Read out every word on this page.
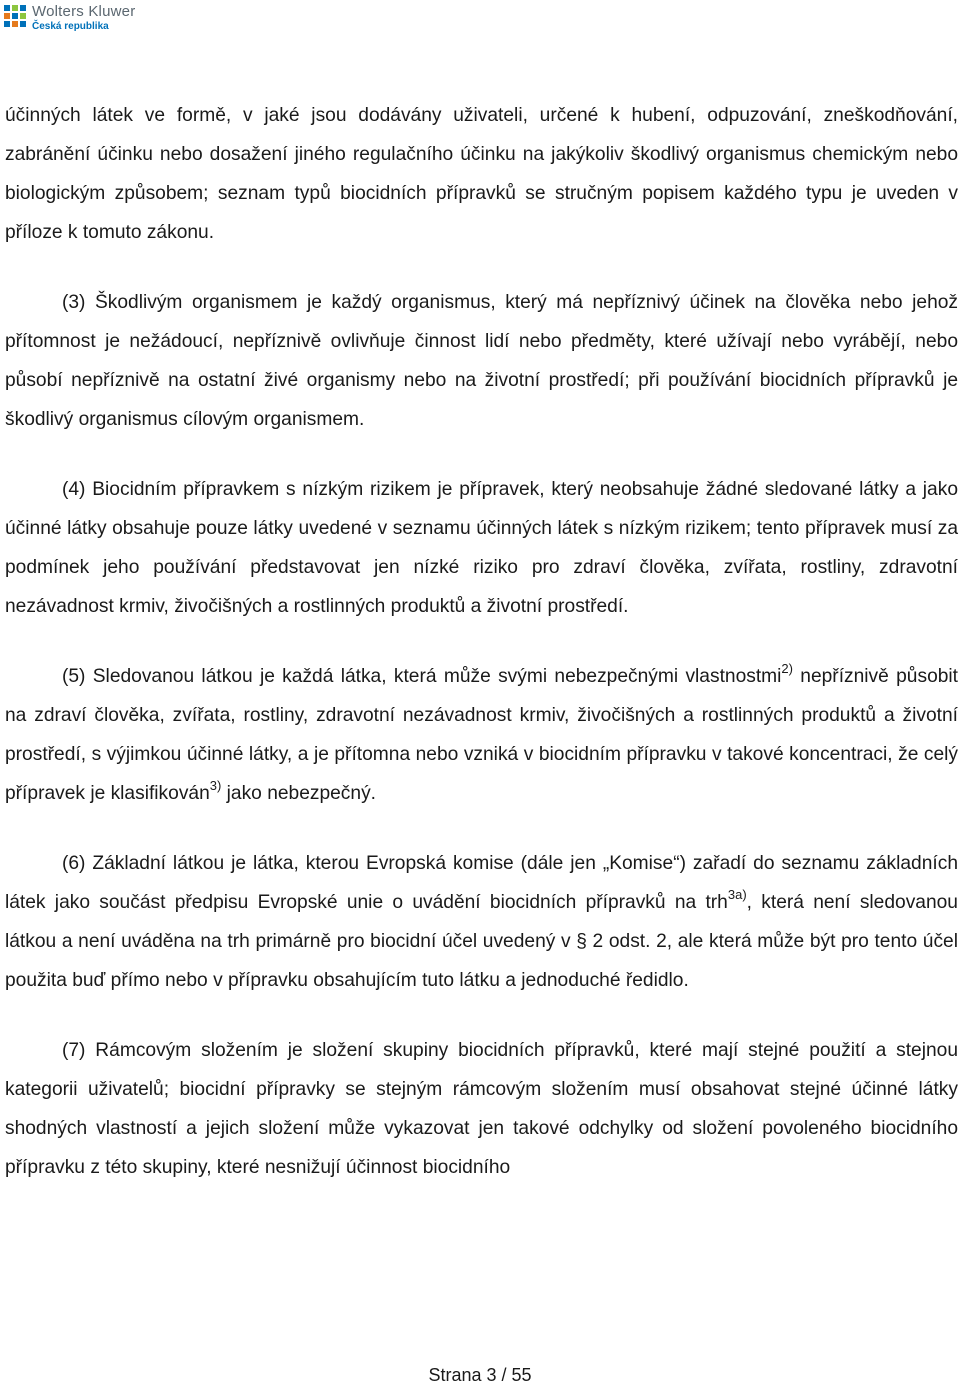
Wolters Kluwer
Česká republika

účinných látek ve formě, v jaké jsou dodávány uživateli, určené k hubení, odpuzování, zneškodňování, zabránění účinku nebo dosažení jiného regulačního účinku na jakýkoliv škodlivý organismus chemickým nebo biologickým způsobem; seznam typů biocidních přípravků se stručným popisem každého typu je uveden v příloze k tomuto zákonu.

(3) Škodlivým organismem je každý organismus, který má nepříznivý účinek na člověka nebo jehož přítomnost je nežádoucí, nepříznivě ovlivňuje činnost lidí nebo předměty, které užívají nebo vyrábějí, nebo působí nepříznivě na ostatní živé organismy nebo na životní prostředí; při používání biocidních přípravků je škodlivý organismus cílovým organismem.

(4) Biocidním přípravkem s nízkým rizikem je přípravek, který neobsahuje žádné sledované látky a jako účinné látky obsahuje pouze látky uvedené v seznamu účinných látek s nízkým rizikem; tento přípravek musí za podmínek jeho používání představovat jen nízké riziko pro zdraví člověka, zvířata, rostliny, zdravotní nezávadnost krmiv, živočišných a rostlinných produktů a životní prostředí.

(5) Sledovanou látkou je každá látka, která může svými nebezpečnými vlastnostmi$^{2)}$ nepříznivě působit na zdraví člověka, zvířata, rostliny, zdravotní nezávadnost krmiv, živočišných a rostlinných produktů a životní prostředí, s výjimkou účinné látky, a je přítomna nebo vzniká v biocidním přípravku v takové koncentraci, že celý přípravek je klasifikován$^{3)}$ jako nebezpečný.

(6) Základní látkou je látka, kterou Evropská komise (dále jen „Komise“) zařadí do seznamu základních látek jako součást předpisu Evropské unie o uvádění biocidních přípravků na trh$^{3a)}$, která není sledovanou látkou a není uváděna na trh primárně pro biocidní účel uvedený v § 2 odst. 2, ale která může být pro tento účel použita buď přímo nebo v přípravku obsahujícím tuto látku a jednoduché ředidlo.

(7) Rámcovým složením je složení skupiny biocidních přípravků, které mají stejné použití a stejnou kategorii uživatelů; biocidní přípravky se stejným rámcovým složením musí obsahovat stejné účinné látky shodných vlastností a jejich složení může vykazovat jen takové odchylky od složení povoleného biocidního přípravku z této skupiny, které nesnižují účinnost biocidního

Strana 3 / 55
